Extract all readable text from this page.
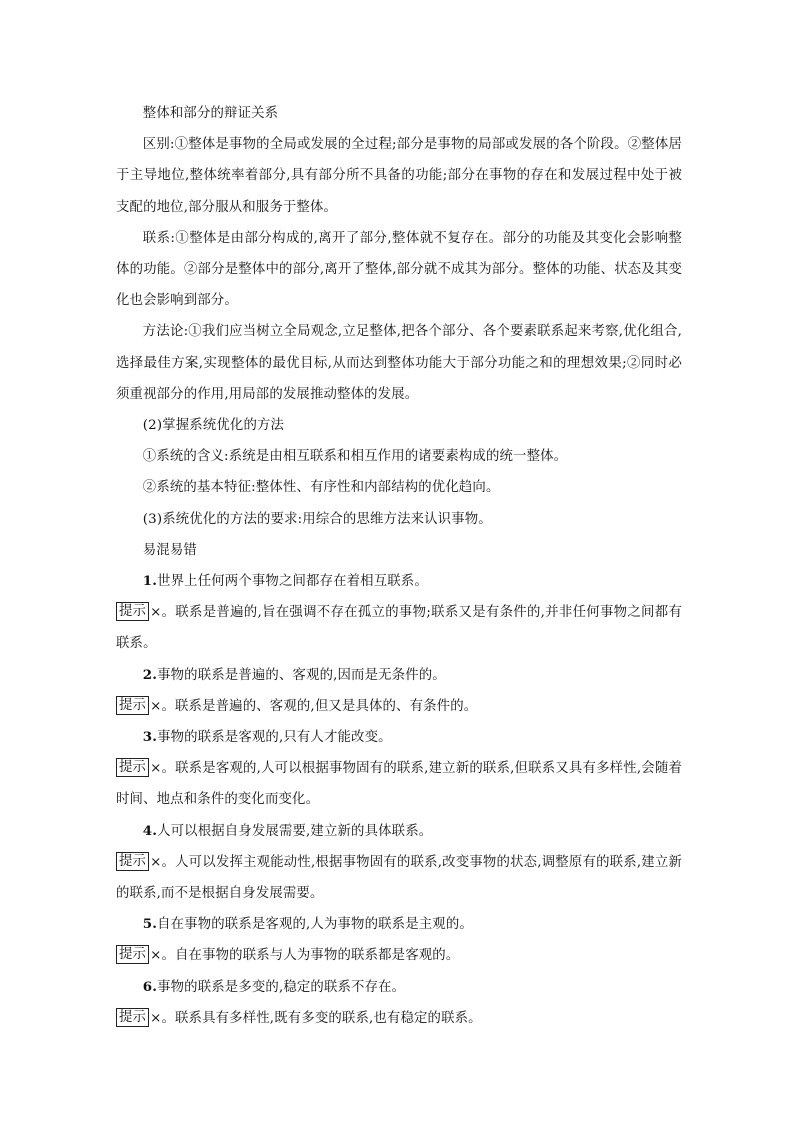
整体和部分的辩证关系

区别:①整体是事物的全局或发展的全过程;部分是事物的局部或发展的各个阶段。②整体居于主导地位,整体统率着部分,具有部分所不具备的功能;部分在事物的存在和发展过程中处于被支配的地位,部分服从和服务于整体。

联系:①整体是由部分构成的,离开了部分,整体就不复存在。部分的功能及其变化会影响整体的功能。②部分是整体中的部分,离开了整体,部分就不成其为部分。整体的功能、状态及其变化也会影响到部分。

方法论:①我们应当树立全局观念,立足整体,把各个部分、各个要素联系起来考察,优化组合,选择最佳方案,实现整体的最优目标,从而达到整体功能大于部分功能之和的理想效果;②同时必须重视部分的作用,用局部的发展推动整体的发展。

(2)掌握系统优化的方法

①系统的含义:系统是由相互联系和相互作用的诸要素构成的统一整体。

②系统的基本特征:整体性、有序性和内部结构的优化趋向。

(3)系统优化的方法的要求:用综合的思维方法来认识事物。

易混易错

1.世界上任何两个事物之间都存在着相互联系。

提示 ×。联系是普遍的,旨在强调不存在孤立的事物;联系又是有条件的,并非任何事物之间都有联系。

2.事物的联系是普遍的、客观的,因而是无条件的。

提示 ×。联系是普遍的、客观的,但又是具体的、有条件的。

3.事物的联系是客观的,只有人才能改变。

提示 ×。联系是客观的,人可以根据事物固有的联系,建立新的联系,但联系又具有多样性,会随着时间、地点和条件的变化而变化。

4.人可以根据自身发展需要,建立新的具体联系。

提示 ×。人可以发挥主观能动性,根据事物固有的联系,改变事物的状态,调整原有的联系,建立新的联系,而不是根据自身发展需要。

5.自在事物的联系是客观的,人为事物的联系是主观的。

提示 ×。自在事物的联系与人为事物的联系都是客观的。

6.事物的联系是多变的,稳定的联系不存在。

提示 ×。联系具有多样性,既有多变的联系,也有稳定的联系。
